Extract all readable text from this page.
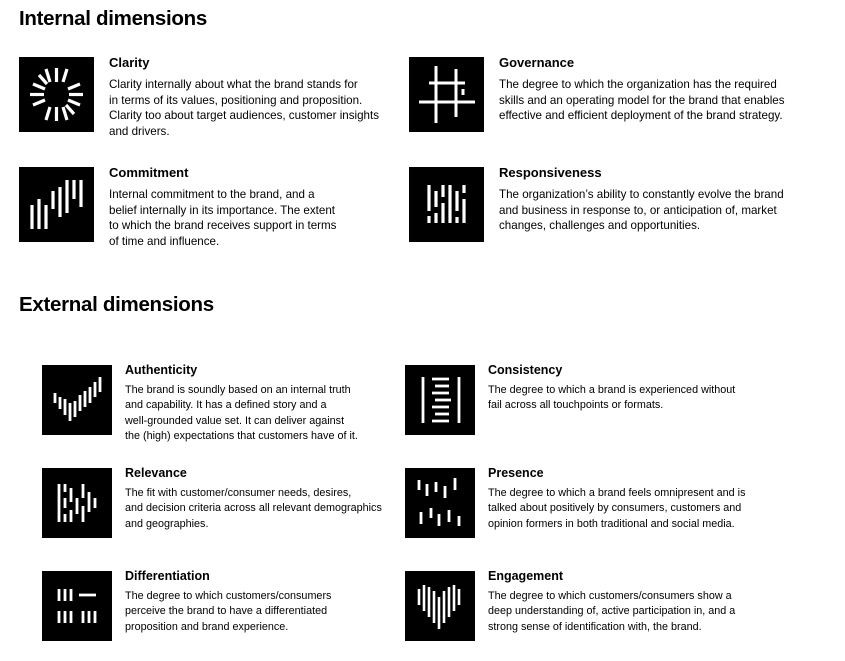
Internal dimensions
Clarity

Clarity internally about what the brand stands for
in terms of its values, positioning and proposition.
Clarity too about target audiences, customer insights
and drivers.

Governance

The degree to which the organization has the required
skills and an operating model for the brand that enables
effective and efficient deployment of the brand strategy.

Commitment

Internal commitment to the brand, and a
belief internally in its importance. The extent
to which the brand receives support in terms
of time and influence.

Responsiveness

The organization’s ability to constantly evolve the brand
and business in response to, or anticipation of, market
changes, challenges and opportunities.

External dimensions
Authenticity

The brand is soundly based on an internal truth
and capability. It has a defined story and a
well-grounded value set. It can deliver against
the (high) expectations that customers have of it.

Consistency

The degree to which a brand is experienced without
fail across all touchpoints or formats.

Relevance

The fit with customer/consumer needs, desires,
and decision criteria across all relevant demographics
and geographies.

Presence

The degree to which a brand feels omnipresent and is
talked about positively by consumers, customers and
opinion formers in both traditional and social media.

Differentiation

The degree to which customers/consumers
perceive the brand to have a differentiated
proposition and brand experience.

Engagement

The degree to which customers/consumers show a
deep understanding of, active participation in, and a
strong sense of identification with, the brand.
